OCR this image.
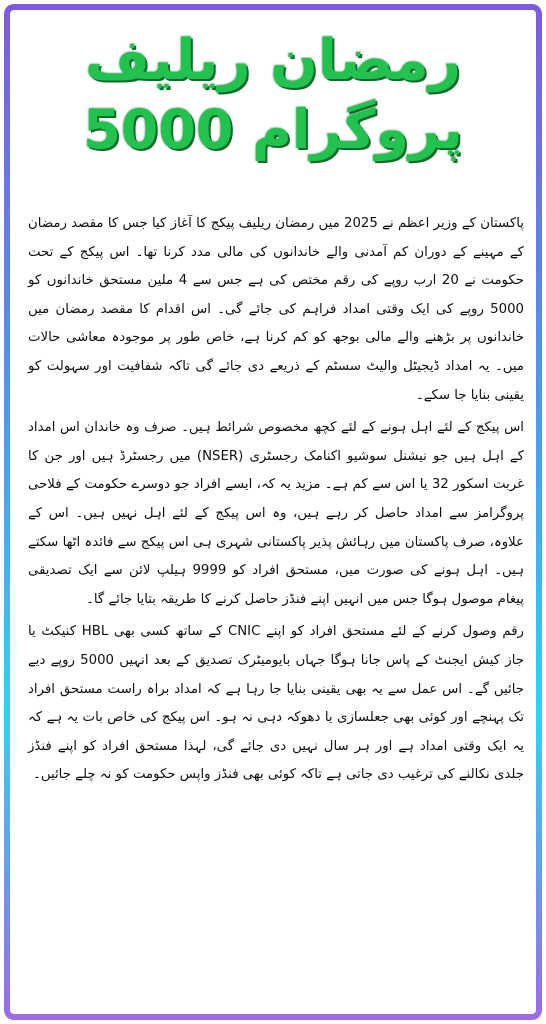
رمضان ریلیف
پروگرام 5000

پاکستان کے وزیر اعظم نے 2025 میں رمضان ریلیف پیکج کا آغاز کیا جس کا مقصد رمضان کے مہینے کے دوران کم آمدنی والے خاندانوں کی مالی مدد کرنا تھا۔ اس پیکج کے تحت حکومت نے 20 ارب روپے کی رقم مختص کی ہے جس سے 4 ملین مستحق خاندانوں کو 5000 روپے کی ایک وقتی امداد فراہم کی جائے گی۔ اس اقدام کا مقصد رمضان میں خاندانوں پر بڑھنے والے مالی بوجھ کو کم کرنا ہے، خاص طور پر موجودہ معاشی حالات میں۔ یہ امداد ڈیجیٹل والیٹ سسٹم کے ذریعے دی جائے گی تاکہ شفافیت اور سہولت کو یقینی بنایا جا سکے۔

اس پیکج کے لئے اہل ہونے کے لئے کچھ مخصوص شرائط ہیں۔ صرف وہ خاندان اس امداد کے اہل ہیں جو نیشنل سوشیو اکنامک رجسٹری (NSER) میں رجسٹرڈ ہیں اور جن کا غربت اسکور 32 یا اس سے کم ہے۔ مزید یہ کہ، ایسے افراد جو دوسرے حکومت کے فلاحی پروگرامز سے امداد حاصل کر رہے ہیں، وہ اس پیکج کے لئے اہل نہیں ہیں۔ اس کے علاوہ، صرف پاکستان میں رہائش پذیر پاکستانی شہری ہی اس پیکج سے فائدہ اٹھا سکتے ہیں۔ اہل ہونے کی صورت میں، مستحق افراد کو 9999 ہیلپ لائن سے ایک تصدیقی پیغام موصول ہوگا جس میں انہیں اپنے فنڈز حاصل کرنے کا طریقہ بتایا جائے گا۔

رقم وصول کرنے کے لئے مستحق افراد کو اپنے CNIC کے ساتھ کسی بھی HBL کنیکٹ یا جاز کیش ایجنٹ کے پاس جانا ہوگا جہاں بایومیٹرک تصدیق کے بعد انہیں 5000 روپے دیے جائیں گے۔ اس عمل سے یہ بھی یقینی بنایا جا رہا ہے کہ امداد براہ راست مستحق افراد تک پہنچے اور کوئی بھی جعلسازی یا دھوکہ دہی نہ ہو۔ اس پیکج کی خاص بات یہ ہے کہ یہ ایک وقتی امداد ہے اور ہر سال نہیں دی جائے گی، لہذا مستحق افراد کو اپنے فنڈز جلدی نکالنے کی ترغیب دی جاتی ہے تاکہ کوئی بھی فنڈز واپس حکومت کو نہ چلے جائیں۔
